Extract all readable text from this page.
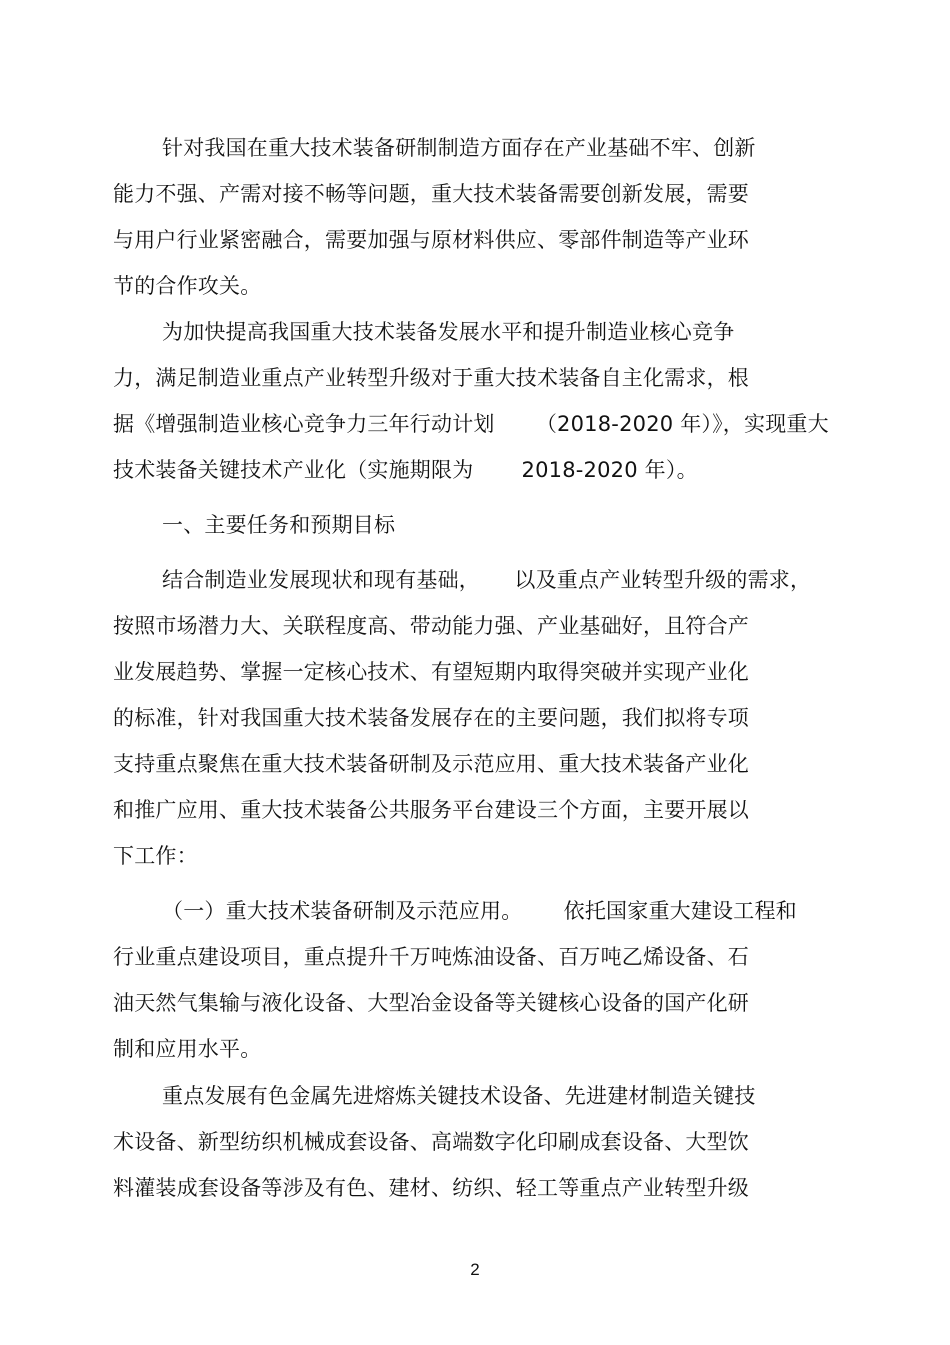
针对我国在重大技术装备研制制造方面存在产业基础不牢、创新
能力不强、产需对接不畅等问题，重大技术装备需要创新发展，需要
与用户行业紧密融合，需要加强与原材料供应、零部件制造等产业环
节的合作攻关。
为加快提高我国重大技术装备发展水平和提升制造业核心竞争
力，满足制造业重点产业转型升级对于重大技术装备自主化需求，根
据《增强制造业核心竞争力三年行动计划      （2018-2020 年）》，实现重大
技术装备关键技术产业化（实施期限为       2018-2020 年）。
一、主要任务和预期目标
结合制造业发展现状和现有基础，     以及重点产业转型升级的需求，
按照市场潜力大、关联程度高、带动能力强、产业基础好，且符合产
业发展趋势、掌握一定核心技术、有望短期内取得突破并实现产业化
的标准，针对我国重大技术装备发展存在的主要问题，我们拟将专项
支持重点聚焦在重大技术装备研制及示范应用、重大技术装备产业化
和推广应用、重大技术装备公共服务平台建设三个方面，主要开展以
下工作：
（一）重大技术装备研制及示范应用。      依托国家重大建设工程和
行业重点建设项目，重点提升千万吨炼油设备、百万吨乙烯设备、石
油天然气集输与液化设备、大型冶金设备等关键核心设备的国产化研
制和应用水平。
重点发展有色金属先进熔炼关键技术设备、先进建材制造关键技
术设备、新型纺织机械成套设备、高端数字化印刷成套设备、大型饮
料灌装成套设备等涉及有色、建材、纺织、轻工等重点产业转型升级
2
